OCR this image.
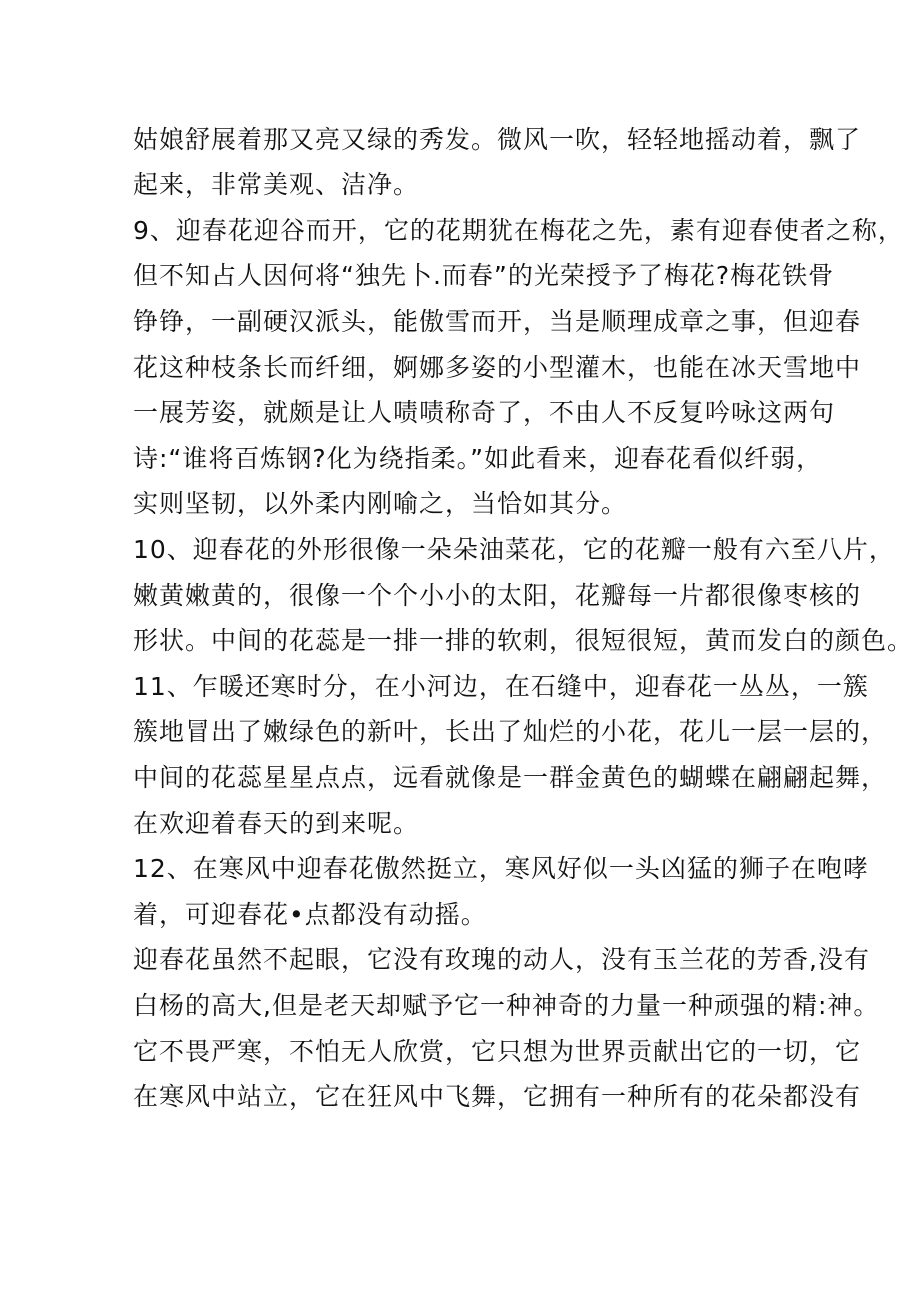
姑娘舒展着那又亮又绿的秀发。微风一吹，轻轻地摇动着，飘了
起来，非常美观、洁净。
9、迎春花迎谷而开，它的花期犹在梅花之先，素有迎春使者之称，
但不知占人因何将“独先卜.而春”的光荣授予了梅花?梅花铁骨
铮铮，一副硬汉派头，能傲雪而开，当是顺理成章之事，但迎春
花这种枝条长而纤细，婀娜多姿的小型灌木，也能在冰天雪地中
一展芳姿，就颇是让人啧啧称奇了，不由人不反复吟咏这两句
诗:“谁将百炼钢?化为绕指柔。”如此看来，迎春花看似纤弱，
实则坚韧，以外柔内刚喻之，当恰如其分。
10、迎春花的外形很像一朵朵油菜花，它的花瓣一般有六至八片，
嫩黄嫩黄的，很像一个个小小的太阳，花瓣每一片都很像枣核的
形状。中间的花蕊是一排一排的软刺，很短很短，黄而发白的颜色。
11、乍暖还寒时分，在小河边，在石缝中，迎春花一丛丛，一簇
簇地冒出了嫩绿色的新叶，长出了灿烂的小花，花儿一层一层的，
中间的花蕊星星点点，远看就像是一群金黄色的蝴蝶在翩翩起舞，
在欢迎着春天的到来呢。
12、在寒风中迎春花傲然挺立，寒风好似一头凶猛的狮子在咆哮
着，可迎春花•点都没有动摇。
迎春花虽然不起眼，它没有玫瑰的动人，没有玉兰花的芳香,没有
白杨的高大,但是老天却赋予它一种神奇的力量一种顽强的精:神。
它不畏严寒，不怕无人欣赏，它只想为世界贡献出它的一切，它
在寒风中站立，它在狂风中飞舞，它拥有一种所有的花朵都没有
